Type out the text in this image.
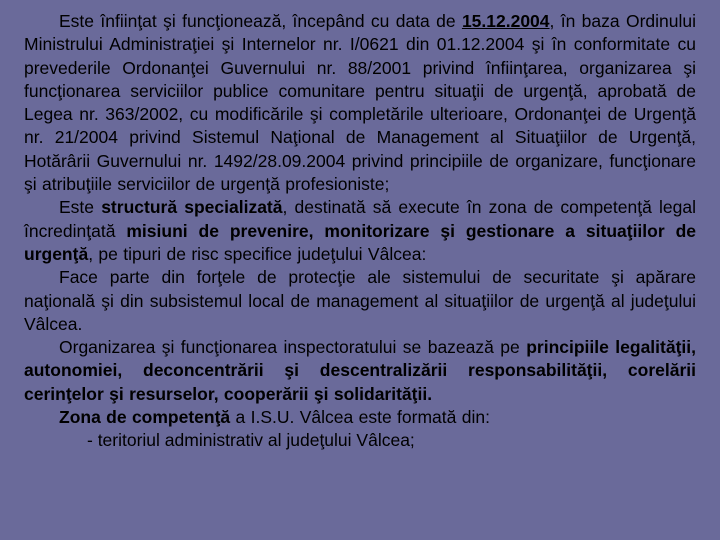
Este înfiinţat şi funcţionează, începând cu data de 15.12.2004, în baza Ordinului Ministrului Administraţiei şi Internelor nr. I/0621 din 01.12.2004 şi în conformitate cu prevederile Ordonanţei Guvernului nr. 88/2001 privind înfiinţarea, organizarea şi funcţionarea serviciilor publice comunitare pentru situaţii de urgenţă, aprobată de Legea nr. 363/2002, cu modificările şi completările ulterioare, Ordonanţei de Urgenţă nr. 21/2004 privind Sistemul Naţional de Management al Situaţiilor de Urgenţă, Hotărârii Guvernului nr. 1492/28.09.2004 privind principiile de organizare, funcţionare şi atribuţiile serviciilor de urgenţă profesioniste;

Este structură specializată, destinată să execute în zona de competenţă legal încredinţată misiuni de prevenire, monitorizare şi gestionare a situaţiilor de urgenţă, pe tipuri de risc specifice judeţului Vâlcea:

Face parte din forţele de protecţie ale sistemului de securitate şi apărare naţională şi din subsistemul local de management al situaţiilor de urgenţă al judeţului Vâlcea.

Organizarea şi funcţionarea inspectoratului se bazează pe principiile legalităţii, autonomiei, deconcentrării şi descentralizării responsabilităţii, corelării cerinţelor şi resurselor, cooperării şi solidarităţii.

Zona de competenţă a I.S.U. Vâlcea este formată din:

- teritoriul administrativ al judeţului Vâlcea;
